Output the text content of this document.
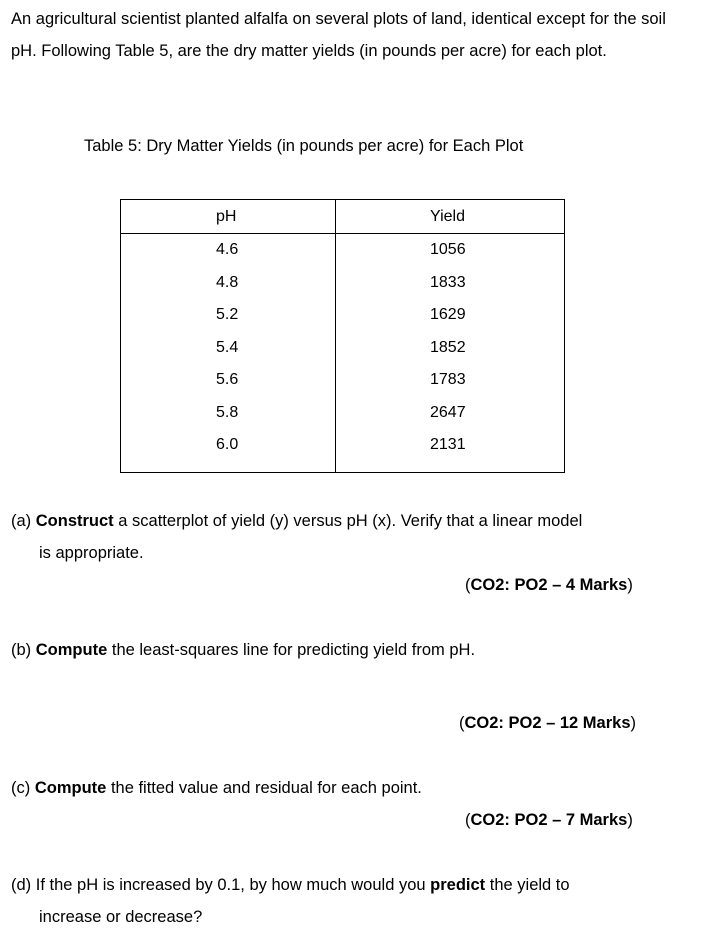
An agricultural scientist planted alfalfa on several plots of land, identical except for the soil pH. Following Table 5, are the dry matter yields (in pounds per acre) for each plot.
Table 5: Dry Matter Yields (in pounds per acre) for Each Plot
pH	Yield
4.6	1056
4.8	1833
5.2	1629
5.4	1852
5.6	1783
5.8	2647
6.0	2131
(a) Construct a scatterplot of yield (y) versus pH (x). Verify that a linear model
is appropriate.
(CO2: PO2 – 4 Marks)
(b) Compute the least-squares line for predicting yield from pH.
(CO2: PO2 – 12 Marks)
(c) Compute the fitted value and residual for each point.
(CO2: PO2 – 7 Marks)
(d) If the pH is increased by 0.1, by how much would you predict the yield to
increase or decrease?
